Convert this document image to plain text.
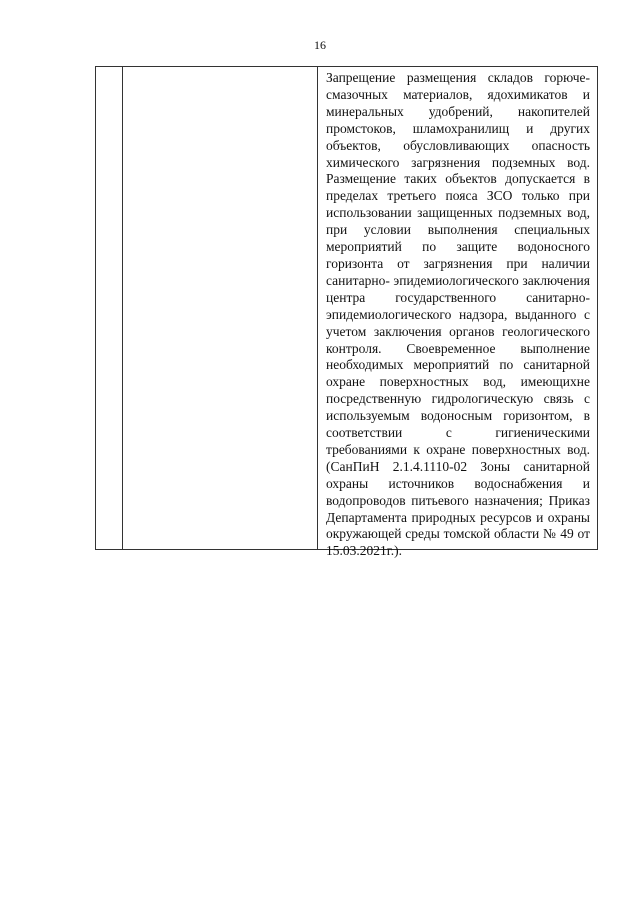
16

Запрещение размещения складов горюче-смазочных материалов, ядохимикатов и минеральных удобрений, накопителей промстоков, шламохранилищ и других объектов, обусловливающих опасность химического загрязнения подземных вод. Размещение таких объектов допускается в пределах третьего пояса ЗСО только при использовании защищенных подземных вод, при условии выполнения специальных мероприятий по защите водоносного горизонта от загрязнения при наличии санитарно- эпидемиологического заключения центра государственного санитарно-эпидемиологического надзора, выданного с учетом заключения органов геологического контроля. Своевременное выполнение необходимых мероприятий по санитарной охране поверхностных вод, имеющихне посредственную гидрологическую связь с используемым водоносным горизонтом, в соответствии с гигиеническими требованиями к охране поверхностных вод. (СанПиН 2.1.4.1110-02 Зоны санитарной охраны источников водоснабжения и водопроводов питьевого назначения; Приказ Департамента природных ресурсов и охраны окружающей среды томской области № 49 от 15.03.2021г.).
